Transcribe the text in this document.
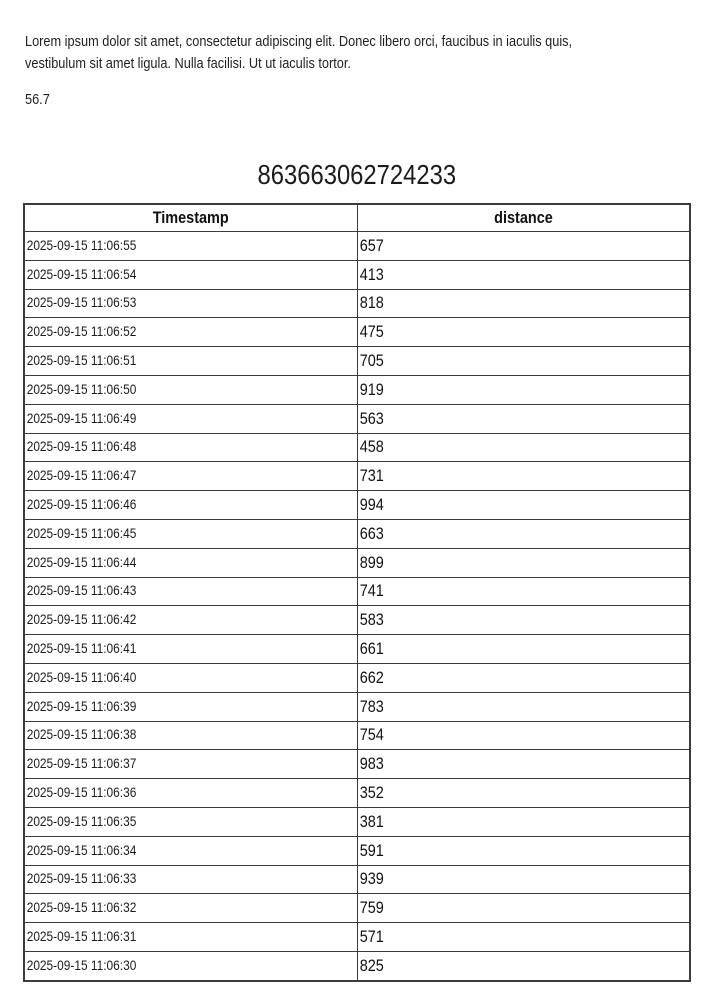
Lorem ipsum dolor sit amet, consectetur adipiscing elit. Donec libero orci, faucibus in iaculis quis,
vestibulum sit amet ligula. Nulla facilisi. Ut ut iaculis tortor.
56.7
863663062724233
Timestamp	distance
2025-09-15 11:06:55	657
2025-09-15 11:06:54	413
2025-09-15 11:06:53	818
2025-09-15 11:06:52	475
2025-09-15 11:06:51	705
2025-09-15 11:06:50	919
2025-09-15 11:06:49	563
2025-09-15 11:06:48	458
2025-09-15 11:06:47	731
2025-09-15 11:06:46	994
2025-09-15 11:06:45	663
2025-09-15 11:06:44	899
2025-09-15 11:06:43	741
2025-09-15 11:06:42	583
2025-09-15 11:06:41	661
2025-09-15 11:06:40	662
2025-09-15 11:06:39	783
2025-09-15 11:06:38	754
2025-09-15 11:06:37	983
2025-09-15 11:06:36	352
2025-09-15 11:06:35	381
2025-09-15 11:06:34	591
2025-09-15 11:06:33	939
2025-09-15 11:06:32	759
2025-09-15 11:06:31	571
2025-09-15 11:06:30	825
